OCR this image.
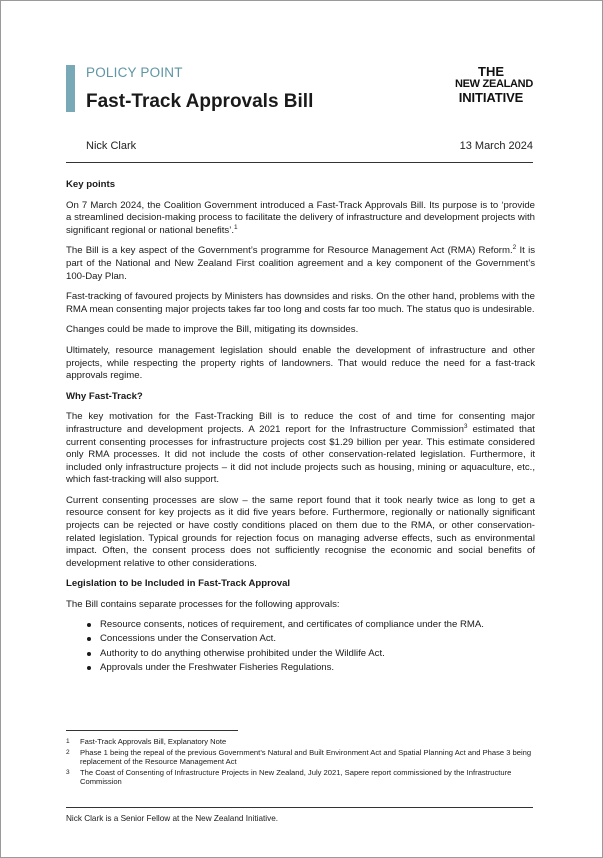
POLICY POINT
Fast-Track Approvals Bill
THE
NEW ZEALAND
INITIATIVE
Nick Clark	13 March 2024
Key points

On 7 March 2024, the Coalition Government introduced a Fast-Track Approvals Bill. Its purpose is to ‘provide a streamlined decision-making process to facilitate the delivery of infrastructure and development projects with significant regional or national benefits’.$^1$

The Bill is a key aspect of the Government’s programme for Resource Management Act (RMA) Reform.$^2$ It is part of the National and New Zealand First coalition agreement and a key component of the Government’s 100-Day Plan.

Fast-tracking of favoured projects by Ministers has downsides and risks. On the other hand, problems with the RMA mean consenting major projects takes far too long and costs far too much. The status quo is undesirable.

Changes could be made to improve the Bill, mitigating its downsides.

Ultimately, resource management legislation should enable the development of infrastructure and other projects, while respecting the property rights of landowners. That would reduce the need for a fast-track approvals regime.

Why Fast-Track?

The key motivation for the Fast-Tracking Bill is to reduce the cost of and time for consenting major infrastructure and development projects. A 2021 report for the Infrastructure Commission$^3$ estimated that current consenting processes for infrastructure projects cost $1.29 billion per year. This estimate considered only RMA processes. It did not include the costs of other conservation-related legislation. Furthermore, it included only infrastructure projects – it did not include projects such as housing, mining or aquaculture, etc., which fast-tracking will also support.

Current consenting processes are slow – the same report found that it took nearly twice as long to get a resource consent for key projects as it did five years before. Furthermore, regionally or nationally significant projects can be rejected or have costly conditions placed on them due to the RMA, or other conservation-related legislation. Typical grounds for rejection focus on managing adverse effects, such as environmental impact. Often, the consent process does not sufficiently recognise the economic and social benefits of development relative to other considerations.

Legislation to be Included in Fast-Track Approval

The Bill contains separate processes for the following approvals:

Resource consents, notices of requirement, and certificates of compliance under the RMA.
Concessions under the Conservation Act.
Authority to do anything otherwise prohibited under the Wildlife Act.
Approvals under the Freshwater Fisheries Regulations.
1	Fast-Track Approvals Bill, Explanatory Note
2	Phase 1 being the repeal of the previous Government’s Natural and Built Environment Act and Spatial Planning Act and Phase 3 being replacement of the Resource Management Act
3	The Coast of Consenting of Infrastructure Projects in New Zealand, July 2021, Sapere report commissioned by the Infrastructure Commission
Nick Clark is a Senior Fellow at the New Zealand Initiative.
